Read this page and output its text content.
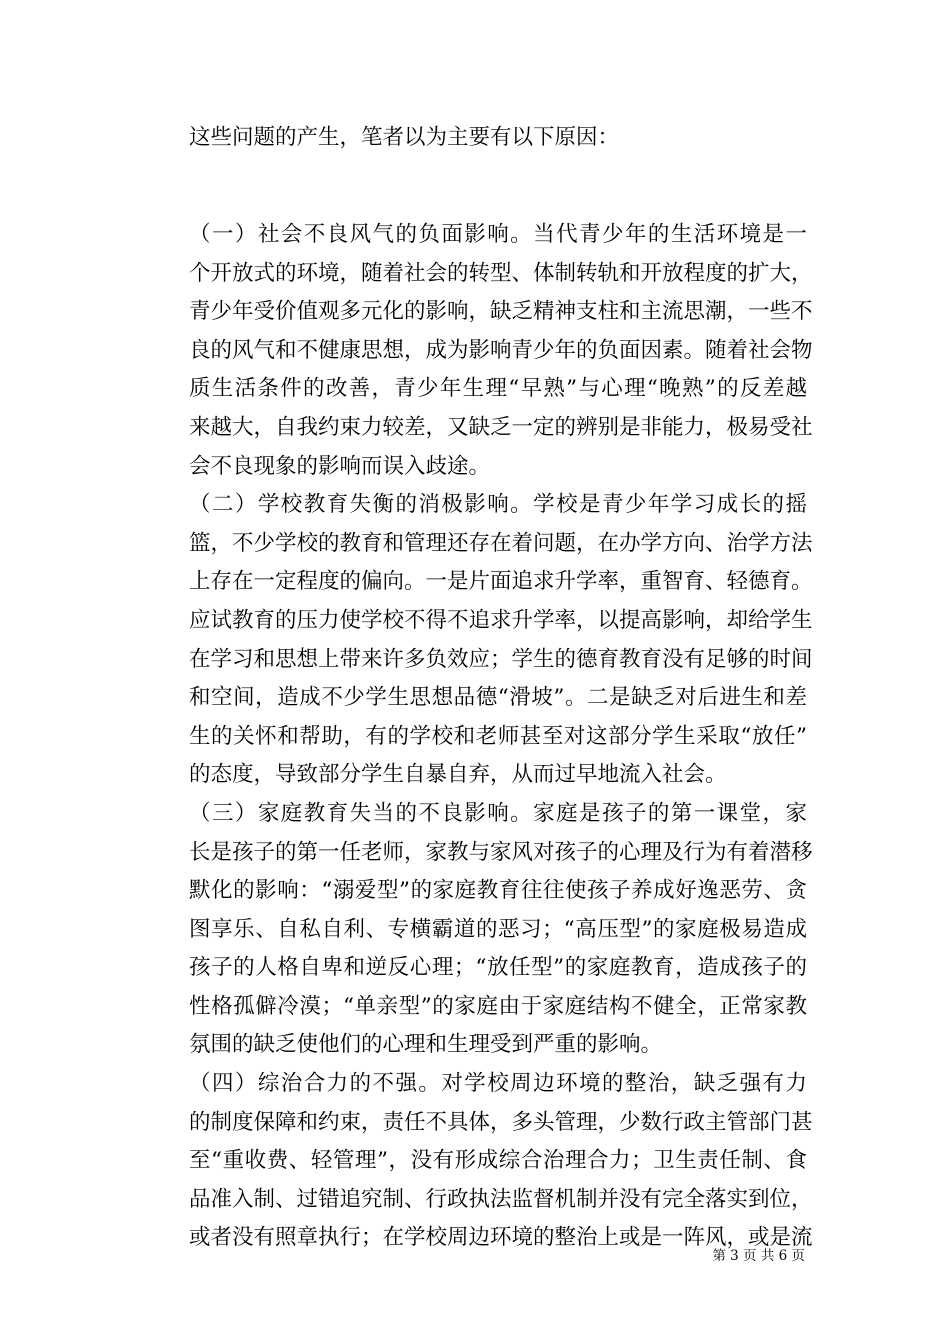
这些问题的产生，笔者以为主要有以下原因：

（一）社会不良风气的负面影响。当代青少年的生活环境是一
个开放式的环境，随着社会的转型、体制转轨和开放程度的扩大，
青少年受价值观多元化的影响，缺乏精神支柱和主流思潮，一些不
良的风气和不健康思想，成为影响青少年的负面因素。随着社会物
质生活条件的改善，青少年生理“早熟”与心理“晚熟”的反差越
来越大，自我约束力较差，又缺乏一定的辨别是非能力，极易受社
会不良现象的影响而误入歧途。

（二）学校教育失衡的消极影响。学校是青少年学习成长的摇
篮，不少学校的教育和管理还存在着问题，在办学方向、治学方法
上存在一定程度的偏向。一是片面追求升学率，重智育、轻德育。
应试教育的压力使学校不得不追求升学率，以提高影响，却给学生
在学习和思想上带来许多负效应；学生的德育教育没有足够的时间
和空间，造成不少学生思想品德“滑坡”。二是缺乏对后进生和差
生的关怀和帮助，有的学校和老师甚至对这部分学生采取“放任”
的态度，导致部分学生自暴自弃，从而过早地流入社会。

（三）家庭教育失当的不良影响。家庭是孩子的第一课堂，家
长是孩子的第一任老师，家教与家风对孩子的心理及行为有着潜移
默化的影响：“溺爱型”的家庭教育往往使孩子养成好逸恶劳、贪
图享乐、自私自利、专横霸道的恶习；“高压型”的家庭极易造成
孩子的人格自卑和逆反心理；“放任型”的家庭教育，造成孩子的
性格孤僻冷漠；“单亲型”的家庭由于家庭结构不健全，正常家教
氛围的缺乏使他们的心理和生理受到严重的影响。

（四）综治合力的不强。对学校周边环境的整治，缺乏强有力
的制度保障和约束，责任不具体，多头管理，少数行政主管部门甚
至“重收费、轻管理”，没有形成综合治理合力；卫生责任制、食
品准入制、过错追究制、行政执法监督机制并没有完全落实到位，
或者没有照章执行；在学校周边环境的整治上或是一阵风，或是流

第 3 页 共 6 页
